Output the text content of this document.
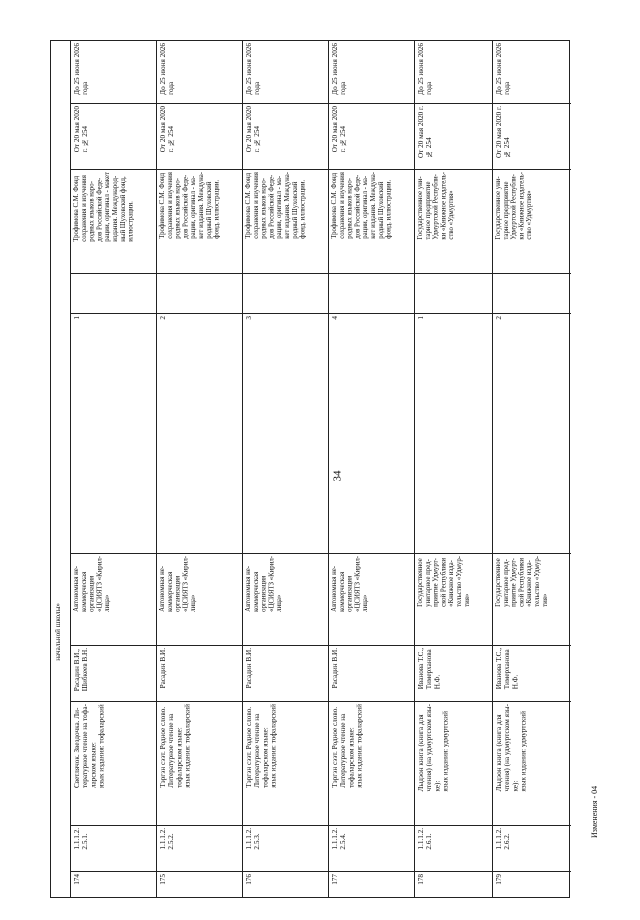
34
Изменения - 04
начальной школы»
174
1.1.1.2.
2.5.1.
Светлячок. Звездочка. Ли-
тературное чтение на тофа-
ларском языке:
язык издания: тофаларский
Расадин В.И.,
Шибкеев В.Н.
Автономная не-
коммерческая
организация
«ЦСИЯТЗ «Кирил-
лица»
1
Трофимова С.М. Фонд
сохранения и изучения
родных языков наро-
дов Российской Феде-
рации, оригинал - макет
издания. Международ-
ный Шуховский фонд,
иллюстрации.
От 20 мая 2020
г. № 254
До 25 июня 2026
года
175
1.1.1.2.
2.5.2.
Тэргэн сээт. Родное слово.
Литературное чтение на
тофаларском языке:
язык издания: тофаларский
Расадин В.И.
Автономная не-
коммерческая
организация
«ЦСИЯТЗ «Кирил-
лица»
2
Трофимова С.М. Фонд
сохранения и изучения
родных языков наро-
дов Российской Феде-
рации, оригинал - ма-
кет издания. Междуна-
родный Шуховский
фонд, иллюстрации.
От 20 мая 2020
г. № 254
До 25 июня 2026
года
176
1.1.1.2.
2.5.3.
Тэргэн сээт. Родное слово.
Литературное чтение на
тофаларском языке:
язык издания: тофаларский
Расадин В.И.
Автономная не-
коммерческая
организация
«ЦСИЯТЗ «Кирил-
лица»
3
Трофимова С.М. Фонд
сохранения и изучения
родных языков наро-
дов Российской Феде-
рации, оригинал - ма-
кет издания. Междуна-
родный Шуховский
фонд, иллюстрации.
От 20 мая 2020
г. № 254
До 25 июня 2026
года
177
1.1.1.2.
2.5.4.
Тэргэн сээт. Родное слово.
Литературное чтение на
тофаларском языке:
язык издания: тофаларский
Расадин В.И.
Автономная не-
коммерческая
организация
«ЦСИЯТЗ «Кирил-
лица»
4
Трофимова С.М. Фонд
сохранения и изучения
родных языков наро-
дов Российской Феде-
рации, оригинал - ма-
кет издания. Междуна-
родный Шуховский
фонд, иллюстрации.
От 20 мая 2020
г. № 254
До 25 июня 2026
года
178
1.1.1.2.
2.6.1.
Лыдэон книга (книга для
чтения) (на удмуртском язы-
ке):
язык издания: удмуртский
Иванова Т.С.,
Тимерханова
Н.Ф.
Государственное
унитарное пред-
приятие Удмурт-
ской Республики
«Книжное изда-
тельство «Удмур-
тия»
1
Государственное уни-
тарное предприятие
Удмуртской Республи-
ки «Книжное издатель-
ство «Удмуртия»
От 20 мая 2020 г.
№ 254
До 25 июня 2026
года
179
1.1.1.2.
2.6.2.
Лыдэон книга (книга для
чтения) (на удмуртском язы-
ке):
язык издания: удмуртский
Иванова Т.С.,
Тимерханова
Н.Ф.
Государственное
унитарное пред-
приятие Удмурт-
ской Республики
«Книжное изда-
тельство «Удмур-
тия»
2
Государственное уни-
тарное предприятие
Удмуртской Республи-
ки «Книжное издатель-
ство «Удмуртия»
От 20 мая 2020 г.
№ 254
До 25 июня 2026
года
